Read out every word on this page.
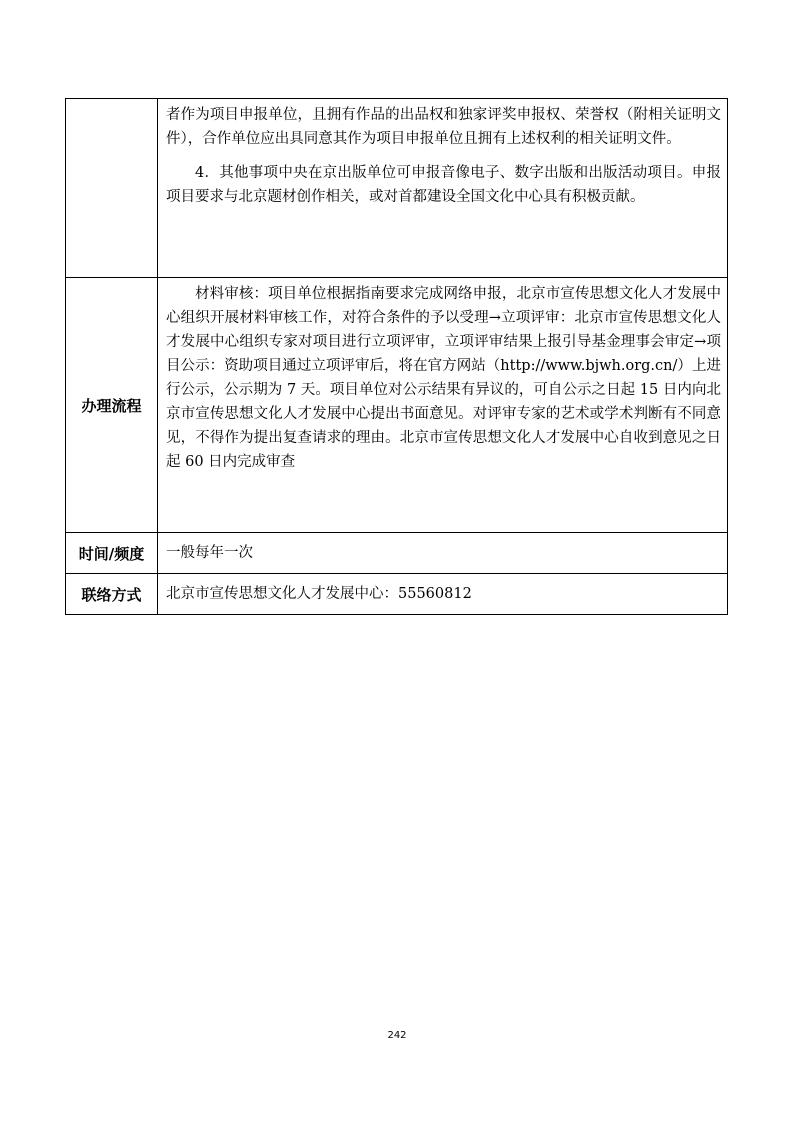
	者作为项目申报单位，且拥有作品的出品权和独家评奖申报权、荣誉权（附相关证明文件），合作单位应出具同意其作为项目申报单位且拥有上述权利的相关证明文件。

4．其他事项中央在京出版单位可申报音像电子、数字出版和出版活动项目。申报项目要求与北京题材创作相关，或对首都建设全国文化中心具有积极贡献。

办理流程	材料审核：项目单位根据指南要求完成网络申报，北京市宣传思想文化人才发展中心组织开展材料审核工作，对符合条件的予以受理→立项评审：北京市宣传思想文化人才发展中心组织专家对项目进行立项评审，立项评审结果上报引导基金理事会审定→项目公示：资助项目通过立项评审后，将在官方网站（http://www.bjwh.org.cn/）上进行公示，公示期为 7 天。项目单位对公示结果有异议的，可自公示之日起 15 日内向北京市宣传思想文化人才发展中心提出书面意见。对评审专家的艺术或学术判断有不同意见，不得作为提出复查请求的理由。北京市宣传思想文化人才发展中心自收到意见之日起 60 日内完成审查

时间/频度	一般每年一次

联络方式	北京市宣传思想文化人才发展中心：55560812

242
